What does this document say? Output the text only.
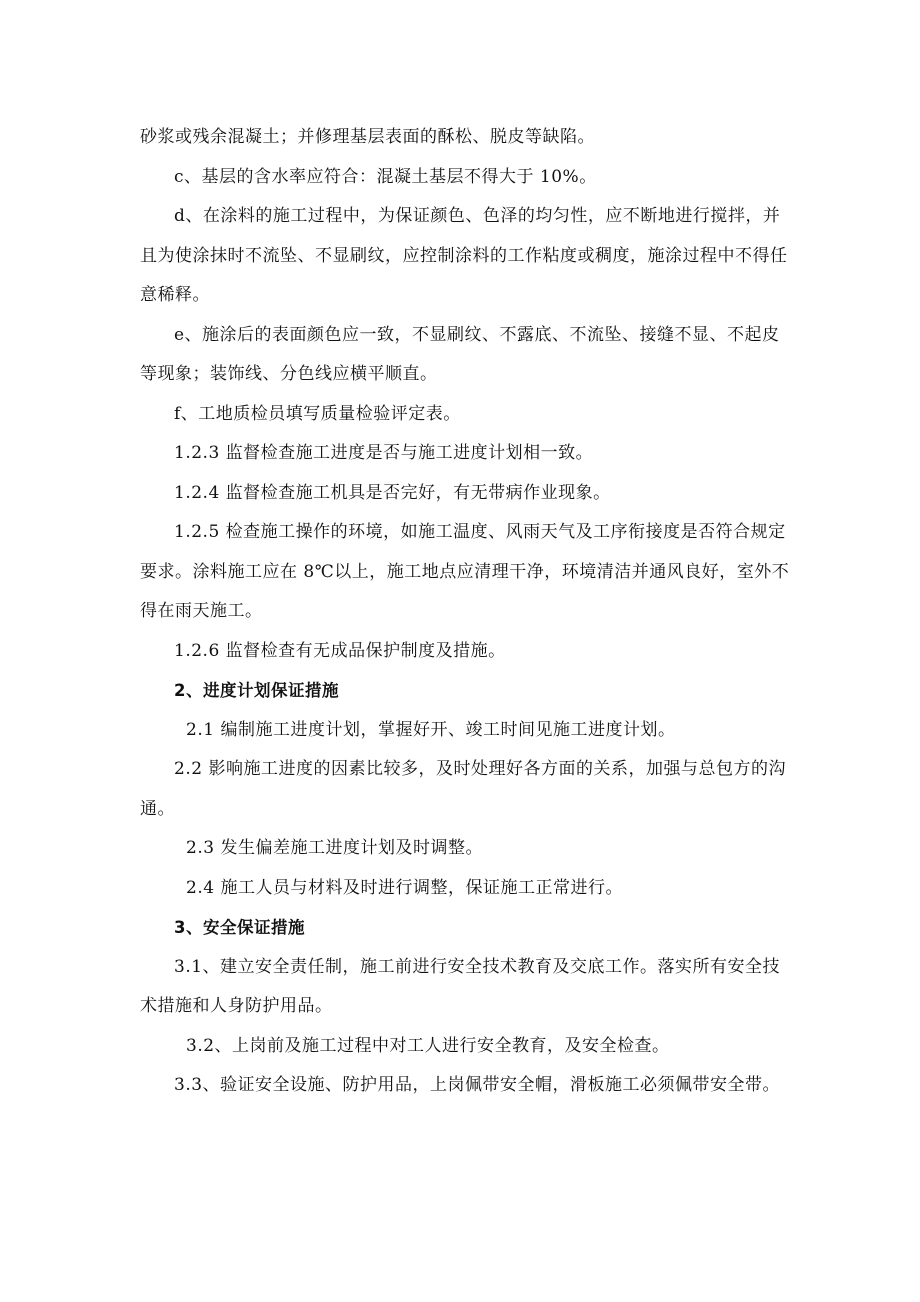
砂浆或残余混凝土；并修理基层表面的酥松、脱皮等缺陷。

c、基层的含水率应符合：混凝土基层不得大于 10%。

d、在涂料的施工过程中，为保证颜色、色泽的均匀性，应不断地进行搅拌，并且为使涂抹时不流坠、不显刷纹，应控制涂料的工作粘度或稠度，施涂过程中不得任意稀释。

e、施涂后的表面颜色应一致，不显刷纹、不露底、不流坠、接缝不显、不起皮等现象；装饰线、分色线应横平顺直。

f、工地质检员填写质量检验评定表。

1.2.3 监督检查施工进度是否与施工进度计划相一致。

1.2.4 监督检查施工机具是否完好，有无带病作业现象。

1.2.5 检查施工操作的环境，如施工温度、风雨天气及工序衔接度是否符合规定要求。涂料施工应在 8℃以上，施工地点应清理干净，环境清洁并通风良好，室外不得在雨天施工。

1.2.6 监督检查有无成品保护制度及措施。

2、进度计划保证措施

2.1 编制施工进度计划，掌握好开、竣工时间见施工进度计划。

2.2 影响施工进度的因素比较多，及时处理好各方面的关系，加强与总包方的沟通。

2.3 发生偏差施工进度计划及时调整。

2.4 施工人员与材料及时进行调整，保证施工正常进行。

3、安全保证措施

3.1、建立安全责任制，施工前进行安全技术教育及交底工作。落实所有安全技术措施和人身防护用品。

3.2、上岗前及施工过程中对工人进行安全教育，及安全检查。

3.3、验证安全设施、防护用品，上岗佩带安全帽，滑板施工必须佩带安全带。
